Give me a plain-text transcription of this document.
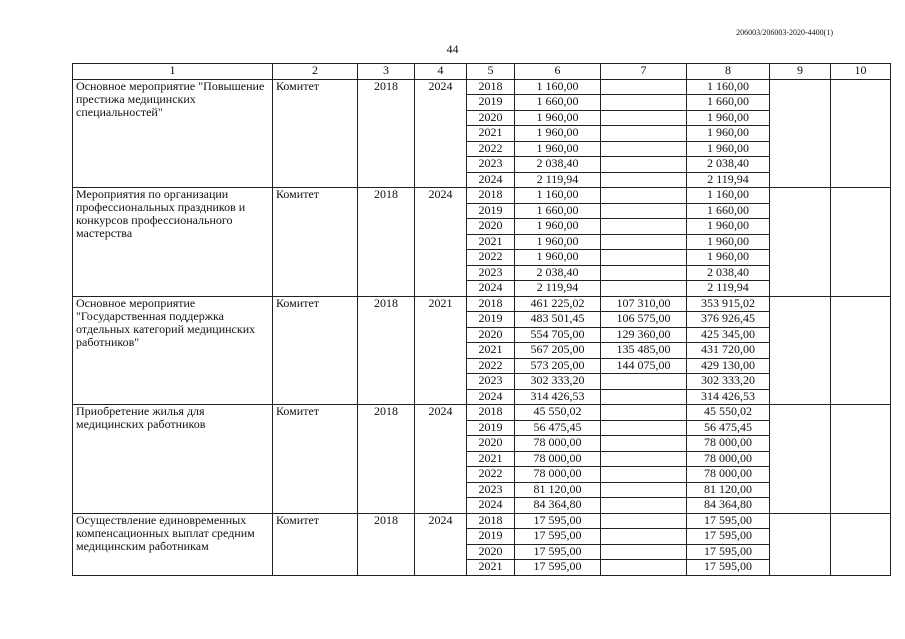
206003/206003-2020-4400(1)
44
1	2	3	4	5	6	7	8	9	10
Основное мероприятие "Повышение престижа медицинских специальностей"	Комитет	2018	2024	2018	1 160,00		1 160,00		
				2019	1 660,00		1 660,00		
				2020	1 960,00		1 960,00		
				2021	1 960,00		1 960,00		
				2022	1 960,00		1 960,00		
				2023	2 038,40		2 038,40		
				2024	2 119,94		2 119,94		
Мероприятия по организации профессиональных праздников и конкурсов профессионального мастерства	Комитет	2018	2024	2018	1 160,00		1 160,00		
				2019	1 660,00		1 660,00		
				2020	1 960,00		1 960,00		
				2021	1 960,00		1 960,00		
				2022	1 960,00		1 960,00		
				2023	2 038,40		2 038,40		
				2024	2 119,94		2 119,94		
Основное мероприятие "Государственная поддержка отдельных категорий медицинских работников"	Комитет	2018	2021	2018	461 225,02	107 310,00	353 915,02		
				2019	483 501,45	106 575,00	376 926,45		
				2020	554 705,00	129 360,00	425 345,00		
				2021	567 205,00	135 485,00	431 720,00		
				2022	573 205,00	144 075,00	429 130,00		
				2023	302 333,20		302 333,20		
				2024	314 426,53		314 426,53		
Приобретение жилья для медицинских работников	Комитет	2018	2024	2018	45 550,02		45 550,02		
				2019	56 475,45		56 475,45		
				2020	78 000,00		78 000,00		
				2021	78 000,00		78 000,00		
				2022	78 000,00		78 000,00		
				2023	81 120,00		81 120,00		
				2024	84 364,80		84 364,80		
Осуществление единовременных компенсационных выплат средним медицинским работникам	Комитет	2018	2024	2018	17 595,00		17 595,00		
				2019	17 595,00		17 595,00		
				2020	17 595,00		17 595,00		
				2021	17 595,00		17 595,00		
